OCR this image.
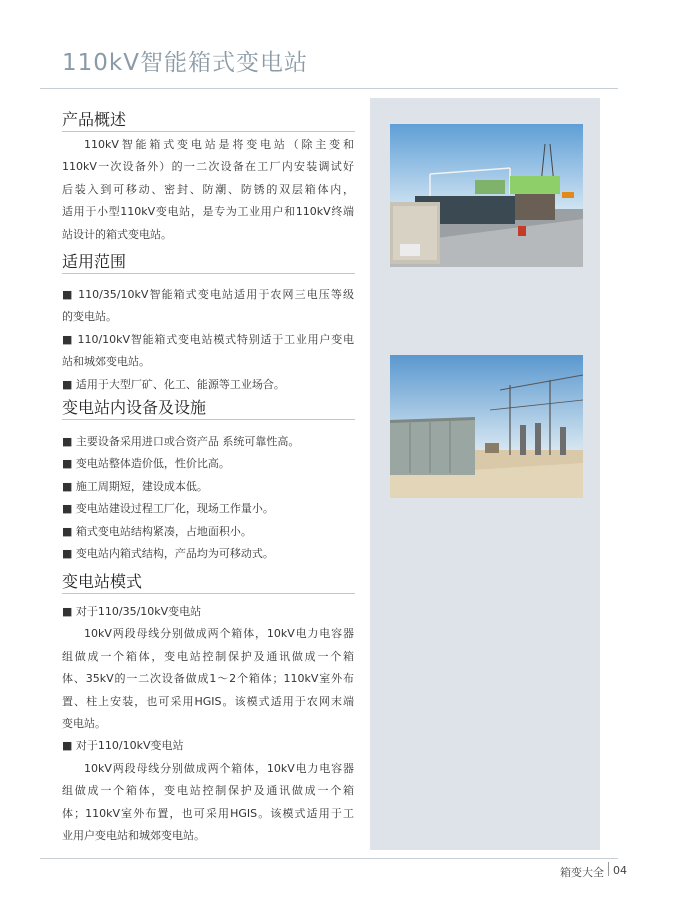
110kV智能箱式变电站
产品概述
110kV智能箱式变电站是将变电站（除主变和
110kV一次设备外）的一二次设备在工厂内安装调试好
后装入到可移动、密封、防潮、防锈的双层箱体内，
适用于小型110kV变电站，是专为工业用户和110kV终端
站设计的箱式变电站。
适用范围
■ 110/35/10kV智能箱式变电站适用于农网三电压等级
的变电站。
■ 110/10kV智能箱式变电站模式特别适于工业用户变电
站和城郊变电站。
■ 适用于大型厂矿、化工、能源等工业场合。
变电站内设备及设施
■ 主要设备采用进口或合资产品 系统可靠性高。
■ 变电站整体造价低，性价比高。
■ 施工周期短，建设成本低。
■ 变电站建设过程工厂化，现场工作量小。
■ 箱式变电站结构紧凑，占地面积小。
■ 变电站内箱式结构，产品均为可移动式。
变电站模式
■ 对于110/35/10kV变电站
10kV两段母线分别做成两个箱体，10kV电力电容器
组做成一个箱体，变电站控制保护及通讯做成一个箱
体、35kV的一二次设备做成1～2个箱体；110kV室外布
置、柱上安装，也可采用HGIS。该模式适用于农网末端
变电站。
■ 对于110/10kV变电站
10kV两段母线分别做成两个箱体，10kV电力电容器
组做成一个箱体，变电站控制保护及通讯做成一个箱
体；110kV室外布置，也可采用HGIS。该模式适用于工
业用户变电站和城郊变电站。
箱变大全 04
